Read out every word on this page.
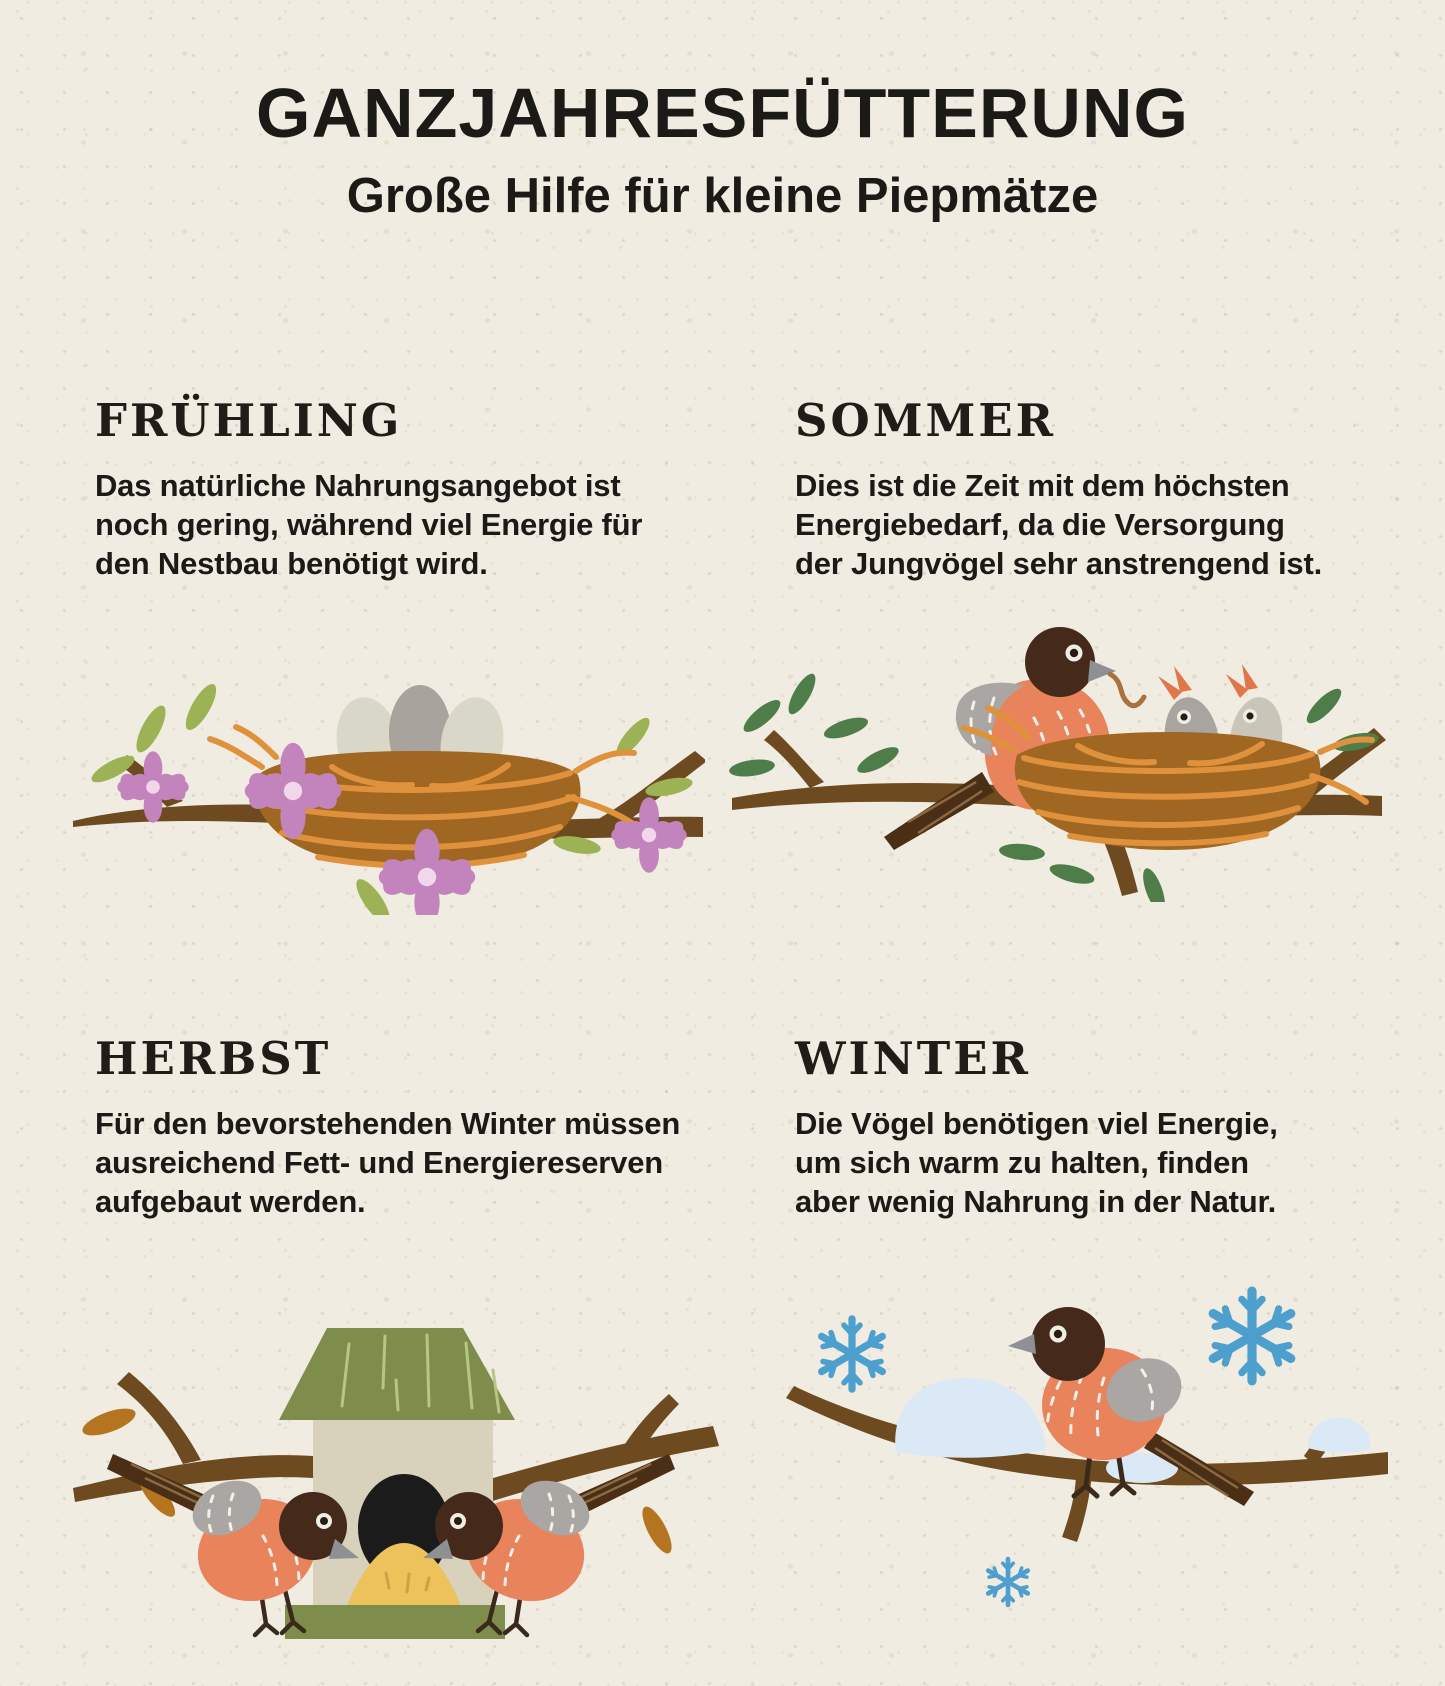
GANZJAHRESFÜTTERUNG
Große Hilfe für kleine Piepmätze
FRÜHLING

Das natürliche Nahrungsangebot ist
noch gering, während viel Energie für
den Nestbau benötigt wird.

SOMMER

Dies ist die Zeit mit dem höchsten
Energiebedarf, da die Versorgung
der Jungvögel sehr anstrengend ist.

HERBST

Für den bevorstehenden Winter müssen
ausreichend Fett- und Energiereserven
aufgebaut werden.

WINTER

Die Vögel benötigen viel Energie,
um sich warm zu halten, finden
aber wenig Nahrung in der Natur.
